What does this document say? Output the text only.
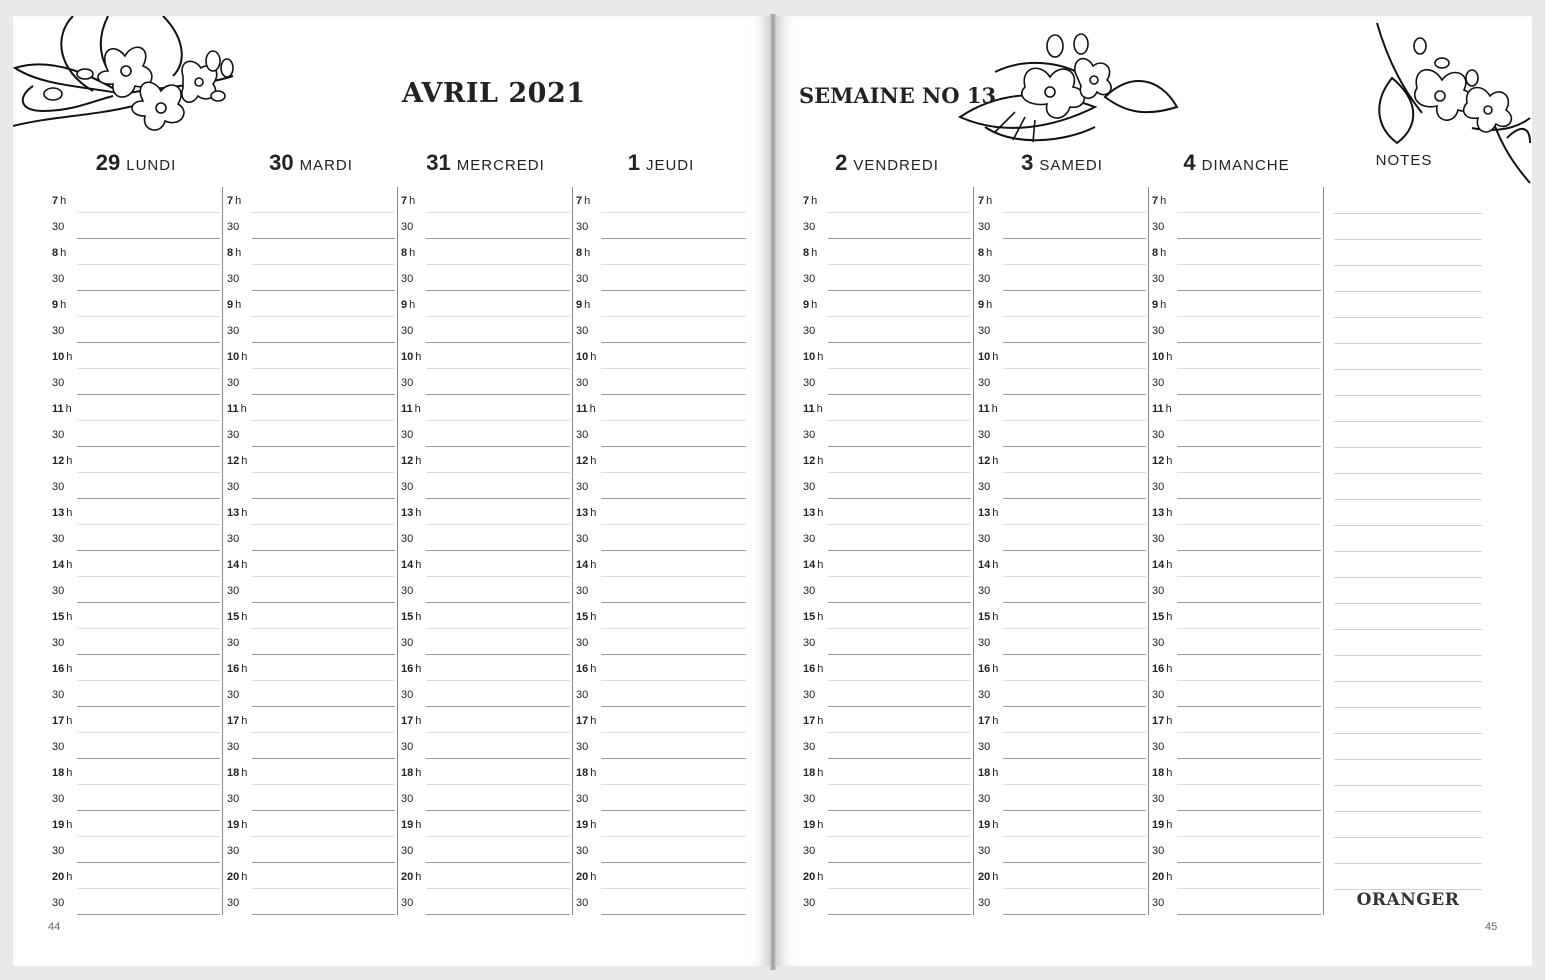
AVRIL 2021	SEMAINE NO 13
29 LUNDI
7 h
30
8 h
30
9 h
30
10 h
30
11 h
30
12 h
30
13 h
30
14 h
30
15 h
30
16 h
30
17 h
30
18 h
30
19 h
30
20 h
30
30 MARDI
7 h
30
8 h
30
9 h
30
10 h
30
11 h
30
12 h
30
13 h
30
14 h
30
15 h
30
16 h
30
17 h
30
18 h
30
19 h
30
20 h
30
31 MERCREDI
7 h
30
8 h
30
9 h
30
10 h
30
11 h
30
12 h
30
13 h
30
14 h
30
15 h
30
16 h
30
17 h
30
18 h
30
19 h
30
20 h
30
1 JEUDI
7 h
30
8 h
30
9 h
30
10 h
30
11 h
30
12 h
30
13 h
30
14 h
30
15 h
30
16 h
30
17 h
30
18 h
30
19 h
30
20 h
30
2 VENDREDI
7 h
30
8 h
30
9 h
30
10 h
30
11 h
30
12 h
30
13 h
30
14 h
30
15 h
30
16 h
30
17 h
30
18 h
30
19 h
30
20 h
30
3 SAMEDI
7 h
30
8 h
30
9 h
30
10 h
30
11 h
30
12 h
30
13 h
30
14 h
30
15 h
30
16 h
30
17 h
30
18 h
30
19 h
30
20 h
30
4 DIMANCHE
7 h
30
8 h
30
9 h
30
10 h
30
11 h
30
12 h
30
13 h
30
14 h
30
15 h
30
16 h
30
17 h
30
18 h
30
19 h
30
20 h
30
NOTES
ORANGER
44	45
